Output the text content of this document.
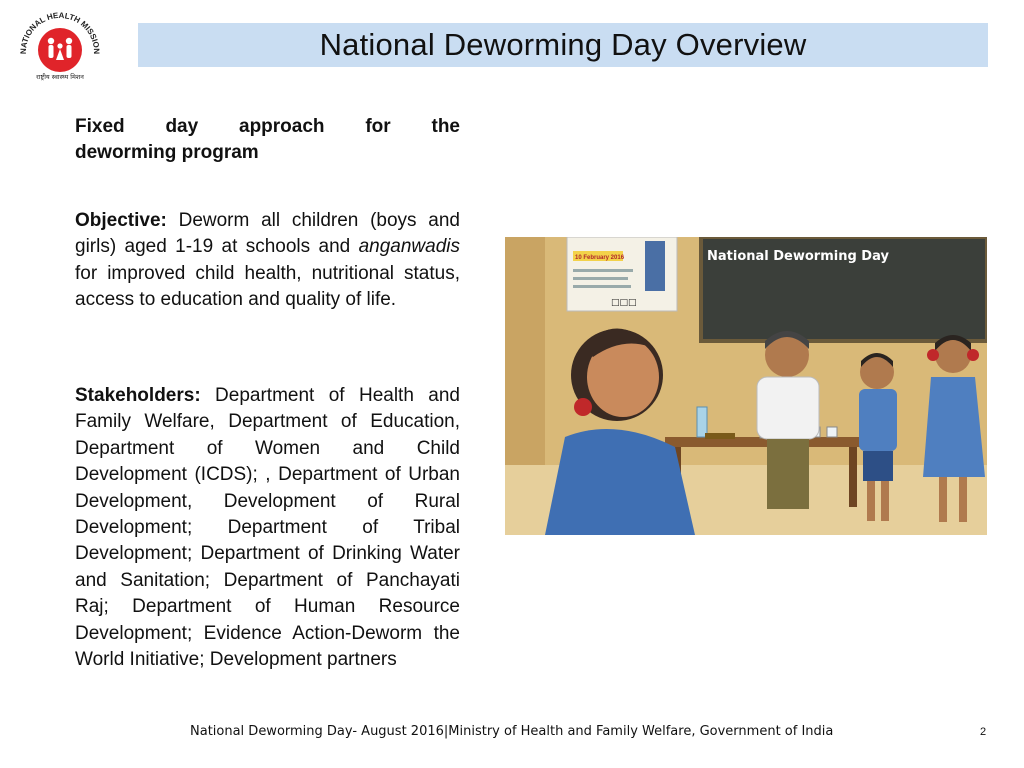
NATIONAL HEALTH MISSION
राष्ट्रीय स्वास्थ्य मिशन
National Deworming Day Overview

Fixed day approach for the

deworming program

Objective: Deworm all children (boys and girls) aged 1-19 at schools and anganwadis for improved child health, nutritional status, access to education and quality of life.

Stakeholders: Department of Health and Family Welfare, Department of Education, Department of Women and Child Development (ICDS); , Department of Urban Development, Development of Rural Development; Department of Tribal Development; Department of Drinking Water and Sanitation; Department of Panchayati Raj; Department of Human Resource Development; Evidence Action-Deworm the World Initiative; Development partners

10 February 2016
□□□
National Deworming Day
National Deworming Day- August 2016|Ministry of Health and Family Welfare, Government of India	2
